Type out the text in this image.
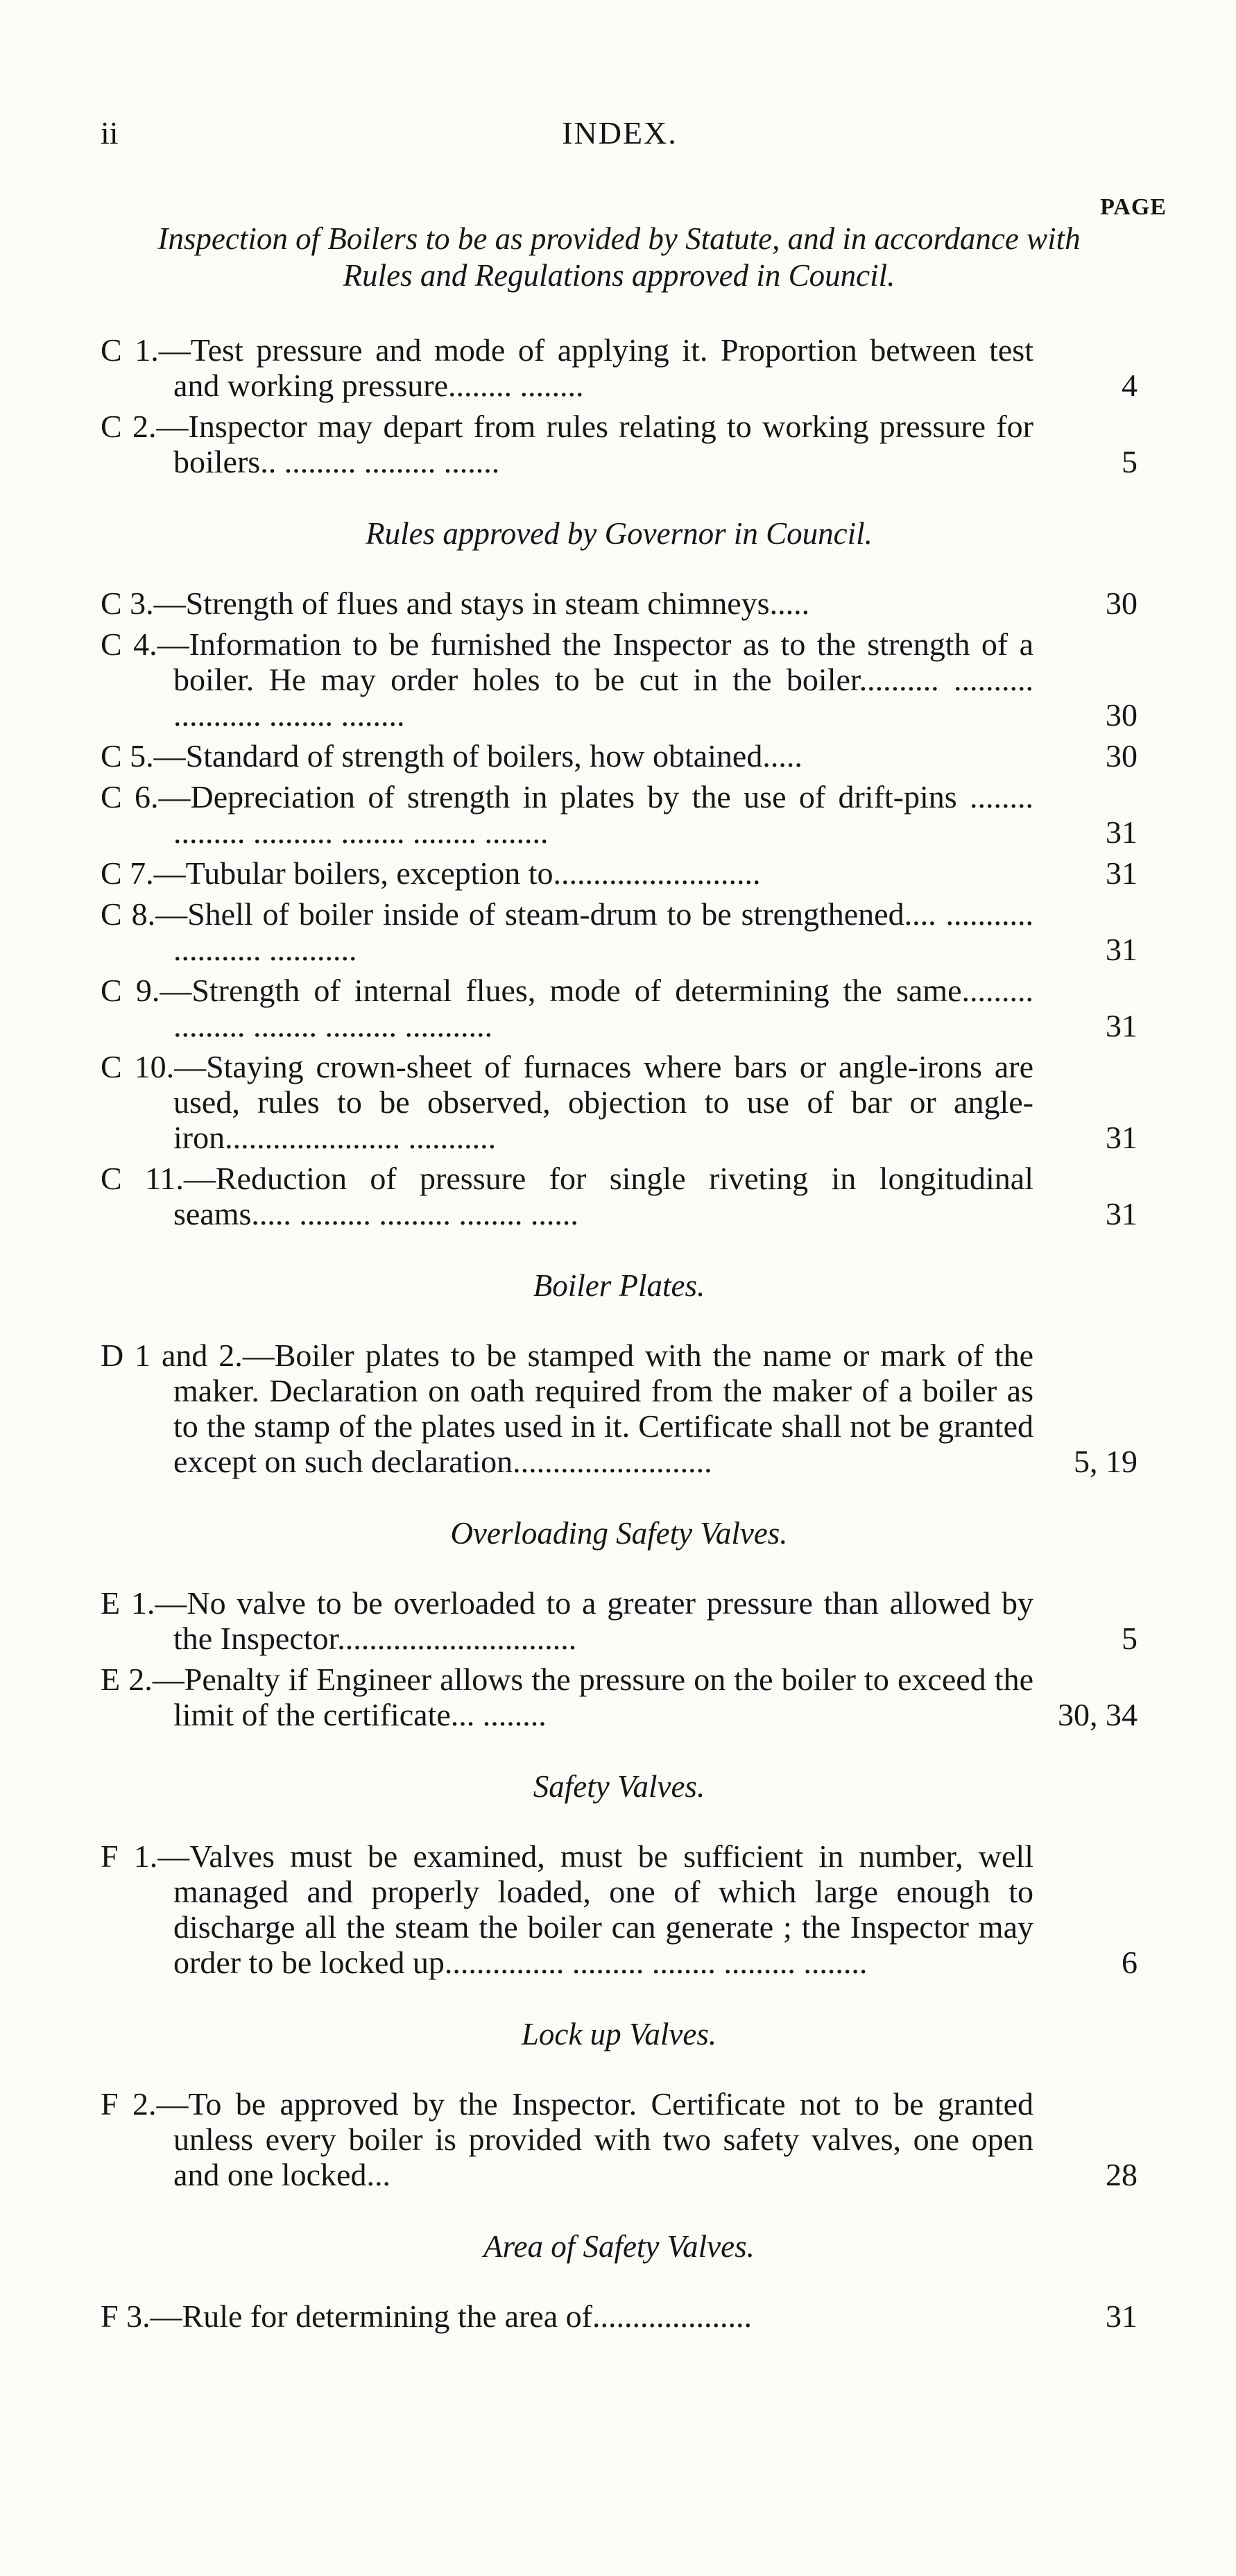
ii	INDEX.
PAGE

Inspection of Boilers to be as provided by Statute, and in accordance with Rules and Regulations approved in Council.

C 1.—Test pressure and mode of applying it. Proportion between test and working pressure........ ........	4
C 2.—Inspector may depart from rules relating to working pressure for boilers.. ......... ......... .......	5

Rules approved by Governor in Council.

C 3.—Strength of flues and stays in steam chimneys.....	30
C 4.—Information to be furnished the Inspector as to the strength of a boiler. He may order holes to be cut in the boiler.......... .......... ........... ........ ........	30
C 5.—Standard of strength of boilers, how obtained.....	30
C 6.—Depreciation of strength in plates by the use of drift-pins ........ ......... .......... ........ ........ ........	31
C 7.—Tubular boilers, exception to..........................	31
C 8.—Shell of boiler inside of steam-drum to be strengthened.... ........... ........... ...........	31
C 9.—Strength of internal flues, mode of determining the same......... ......... ........ ......... ...........	31
C 10.—Staying crown-sheet of furnaces where bars or angle-irons are used, rules to be observed, objection to use of bar or angle-iron...................... ...........	31
C 11.—Reduction of pressure for single riveting in longitudinal seams..... ......... ......... ........ ......	31

Boiler Plates.

D 1 and 2.—Boiler plates to be stamped with the name or mark of the maker. Declaration on oath required from the maker of a boiler as to the stamp of the plates used in it. Certificate shall not be granted except on such declaration.........................	5, 19

Overloading Safety Valves.

E 1.—No valve to be overloaded to a greater pressure than allowed by the Inspector..............................	5
E 2.—Penalty if Engineer allows the pressure on the boiler to exceed the limit of the certificate... ........	30, 34

Safety Valves.

F 1.—Valves must be examined, must be sufficient in number, well managed and properly loaded, one of which large enough to discharge all the steam the boiler can generate ; the Inspector may order to be locked up............... ......... ........ ......... ........	6

Lock up Valves.

F 2.—To be approved by the Inspector. Certificate not to be granted unless every boiler is provided with two safety valves, one open and one locked...	28

Area of Safety Valves.

F 3.—Rule for determining the area of....................	31
